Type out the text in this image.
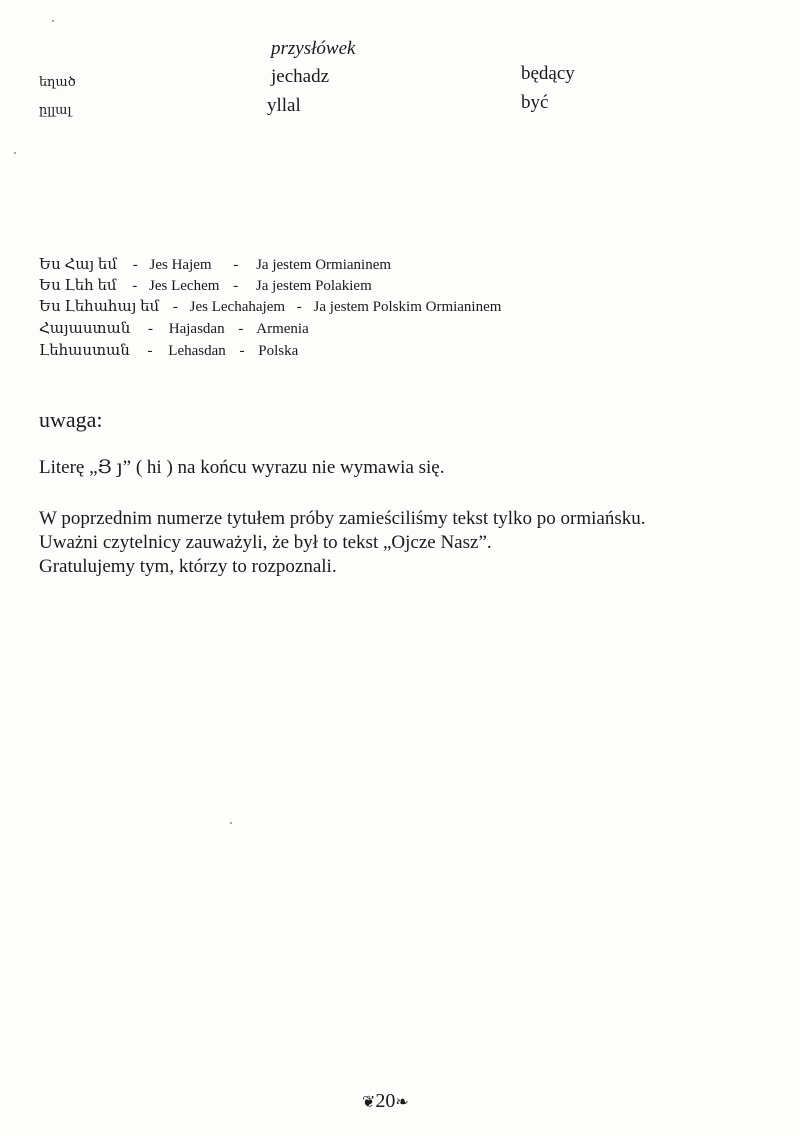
przysłówek
եղած	jechadz	będący
ըլլալ	yllal	być
Ես Հայ եմ - Jes Hajem - Ja jestem Ormianinem
Ես Լեհ եմ - Jes Lechem - Ja jestem Polakiem
Ես Լեհահայ եմ - Jes Lechahajem - Ja jestem Polskim Ormianinem
Հայաստան - Hajasdan - Armenia
Լեհաստան - Lehasdan - Polska
uwaga:
Literę „Յ յ” ( hi ) na końcu wyrazu nie wymawia się.
W poprzednim numerze tytułem próby zamieściliśmy tekst tylko po ormiańsku.
Uważni czytelnicy zauważyli, że był to tekst „Ojcze Nasz”.
Gratulujemy tym, którzy to rozpoznali.
❦20❧
